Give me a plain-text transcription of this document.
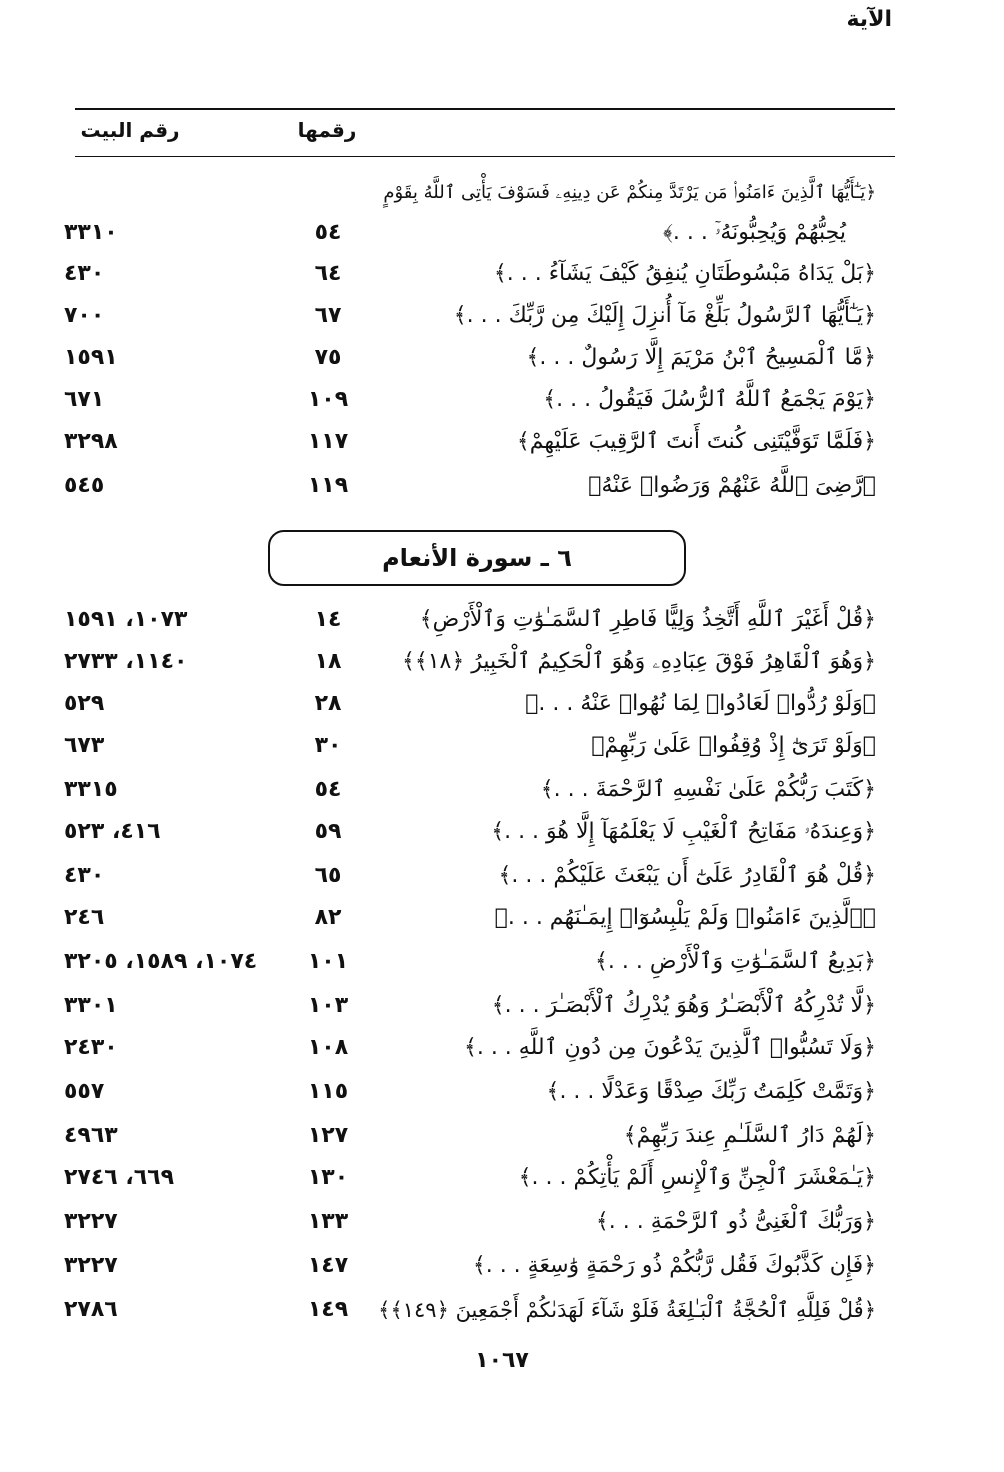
الآية
رقمها
رقم البيت
﴿يَـٰٓأَيُّهَا ٱلَّذِينَ ءَامَنُوا۟ مَن يَرْتَدَّ مِنكُمْ عَن دِينِهِۦ فَسَوْفَ يَأْتِى ٱللَّهُ بِقَوْمٍ
يُحِبُّهُمْ وَيُحِبُّونَهُۥٓ . . .﴾
٥٤
٣٣١٠
﴿بَلْ يَدَاهُ مَبْسُوطَتَانِ يُنفِقُ كَيْفَ يَشَآءُ . . .﴾
٦٤
٤٣٠
﴿يَـٰٓأَيُّهَا ٱلرَّسُولُ بَلِّغْ مَآ أُنزِلَ إِلَيْكَ مِن رَّبِّكَ . . .﴾
٦٧
٧٠٠
﴿مَّا ٱلْمَسِيحُ ٱبْنُ مَرْيَمَ إِلَّا رَسُولٌ . . .﴾
٧٥
١٥٩١
﴿يَوْمَ يَجْمَعُ ٱللَّهُ ٱلرُّسُلَ فَيَقُولُ . . .﴾
١٠٩
٦٧١
﴿فَلَمَّا تَوَفَّيْتَنِى كُنتَ أَنتَ ٱلرَّقِيبَ عَلَيْهِمْ﴾
١١٧
٣٢٩٨
﴿رَّضِىَ ٱللَّهُ عَنْهُمْ وَرَضُوا۟ عَنْهُ﴾
١١٩
٥٤٥
٦ ـ سورة الأنعام
﴿قُلْ أَغَيْرَ ٱللَّهِ أَتَّخِذُ وَلِيًّا فَاطِرِ ٱلسَّمَـٰوَٰتِ وَٱلْأَرْضِ﴾
١٤
١٠٧٣، ١٥٩١
﴿وَهُوَ ٱلْقَاهِرُ فَوْقَ عِبَادِهِۦ وَهُوَ ٱلْحَكِيمُ ٱلْخَبِيرُ ﴿١٨﴾﴾
١٨
١١٤٠، ٢٧٣٣
﴿وَلَوْ رُدُّوا۟ لَعَادُوا۟ لِمَا نُهُوا۟ عَنْهُ . . .﴾
٢٨
٥٢٩
﴿وَلَوْ تَرَىٰٓ إِذْ وُقِفُوا۟ عَلَىٰ رَبِّهِمْ﴾
٣٠
٦٧٣
﴿كَتَبَ رَبُّكُمْ عَلَىٰ نَفْسِهِ ٱلرَّحْمَةَ . . .﴾
٥٤
٣٣١٥
﴿وَعِندَهُۥ مَفَاتِحُ ٱلْغَيْبِ لَا يَعْلَمُهَآ إِلَّا هُوَ . . .﴾
٥٩
٤١٦، ٥٢٣
﴿قُلْ هُوَ ٱلْقَادِرُ عَلَىٰٓ أَن يَبْعَثَ عَلَيْكُمْ . . .﴾
٦٥
٤٣٠
﴿ٱلَّذِينَ ءَامَنُوا۟ وَلَمْ يَلْبِسُوٓا۟ إِيمَـٰنَهُم . . .﴾
٨٢
٢٤٦
﴿بَدِيعُ ٱلسَّمَـٰوَٰتِ وَٱلْأَرْضِ . . .﴾
١٠١
١٠٧٤، ١٥٨٩، ٣٢٠٥
﴿لَّا تُدْرِكُهُ ٱلْأَبْصَـٰرُ وَهُوَ يُدْرِكُ ٱلْأَبْصَـٰرَ . . .﴾
١٠٣
٣٣٠١
﴿وَلَا تَسُبُّوا۟ ٱلَّذِينَ يَدْعُونَ مِن دُونِ ٱللَّهِ . . .﴾
١٠٨
٢٤٣٠
﴿وَتَمَّتْ كَلِمَتُ رَبِّكَ صِدْقًا وَعَدْلًا . . .﴾
١١٥
٥٥٧
﴿لَهُمْ دَارُ ٱلسَّلَـٰمِ عِندَ رَبِّهِمْ﴾
١٢٧
٤٩٦٣
﴿يَـٰمَعْشَرَ ٱلْجِنِّ وَٱلْإِنسِ أَلَمْ يَأْتِكُمْ . . .﴾
١٣٠
٦٦٩، ٢٧٤٦
﴿وَرَبُّكَ ٱلْغَنِىُّ ذُو ٱلرَّحْمَةِ . . .﴾
١٣٣
٣٢٢٧
﴿فَإِن كَذَّبُوكَ فَقُل رَّبُّكُمْ ذُو رَحْمَةٍ وَٰسِعَةٍ . . .﴾
١٤٧
٣٢٢٧
﴿قُلْ فَلِلَّهِ ٱلْحُجَّةُ ٱلْبَـٰلِغَةُ فَلَوْ شَآءَ لَهَدَىٰكُمْ أَجْمَعِينَ ﴿١٤٩﴾﴾
١٤٩
٢٧٨٦
١٠٦٧
